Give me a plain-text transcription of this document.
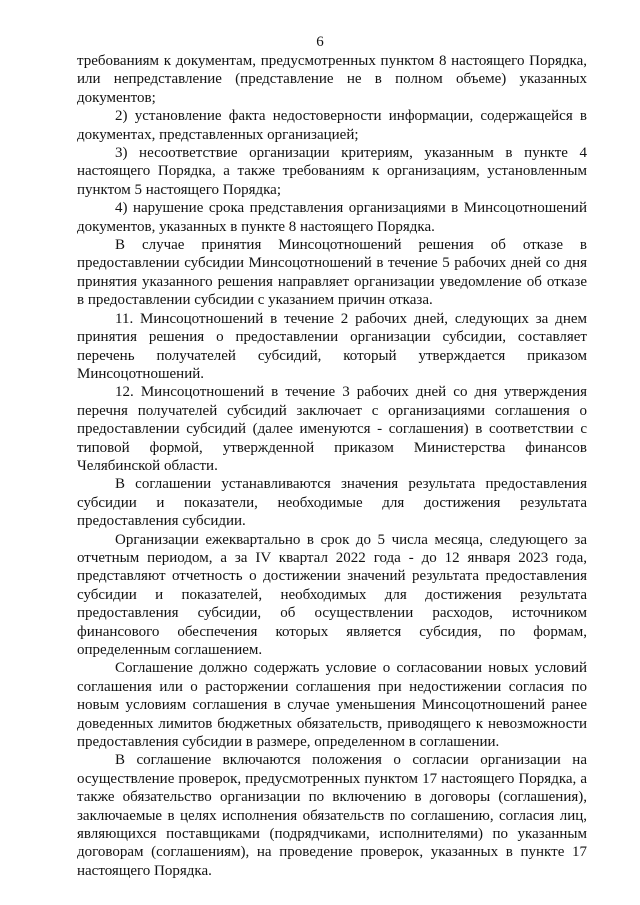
6

требованиям к документам, предусмотренных пунктом 8 настоящего Порядка, или непредставление (представление не в полном объеме) указанных документов;

2) установление факта недостоверности информации, содержащейся в документах, представленных организацией;

3) несоответствие организации критериям, указанным в пункте 4 настоящего Порядка, а также требованиям к организациям, установленным пунктом 5 настоящего Порядка;

4) нарушение срока представления организациями в Минсоцотношений документов, указанных в пункте 8 настоящего Порядка.

В случае принятия Минсоцотношений решения об отказе в предоставлении субсидии Минсоцотношений в течение 5 рабочих дней со дня принятия указанного решения направляет организации уведомление об отказе в предоставлении субсидии с указанием причин отказа.

11. Минсоцотношений в течение 2 рабочих дней, следующих за днем принятия решения о предоставлении организации субсидии, составляет перечень получателей субсидий, который утверждается приказом Минсоцотношений.

12. Минсоцотношений в течение 3 рабочих дней со дня утверждения перечня получателей субсидий заключает с организациями соглашения о предоставлении субсидий (далее именуются - соглашения) в соответствии с типовой формой, утвержденной приказом Министерства финансов Челябинской области.

В соглашении устанавливаются значения результата предоставления субсидии и показатели, необходимые для достижения результата предоставления субсидии.

Организации ежеквартально в срок до 5 числа месяца, следующего за отчетным периодом, а за IV квартал 2022 года - до 12 января 2023 года, представляют отчетность о достижении значений результата предоставления субсидии и показателей, необходимых для достижения результата предоставления субсидии, об осуществлении расходов, источником финансового обеспечения которых является субсидия, по формам, определенным соглашением.

Соглашение должно содержать условие о согласовании новых условий соглашения или о расторжении соглашения при недостижении согласия по новым условиям соглашения в случае уменьшения Минсоцотношений ранее доведенных лимитов бюджетных обязательств, приводящего к невозможности предоставления субсидии в размере, определенном в соглашении.

В соглашение включаются положения о согласии организации на осуществление проверок, предусмотренных пунктом 17 настоящего Порядка, а также обязательство организации по включению в договоры (соглашения), заключаемые в целях исполнения обязательств по соглашению, согласия лиц, являющихся поставщиками (подрядчиками, исполнителями) по указанным договорам (соглашениям), на проведение проверок, указанных в пункте 17 настоящего Порядка.
